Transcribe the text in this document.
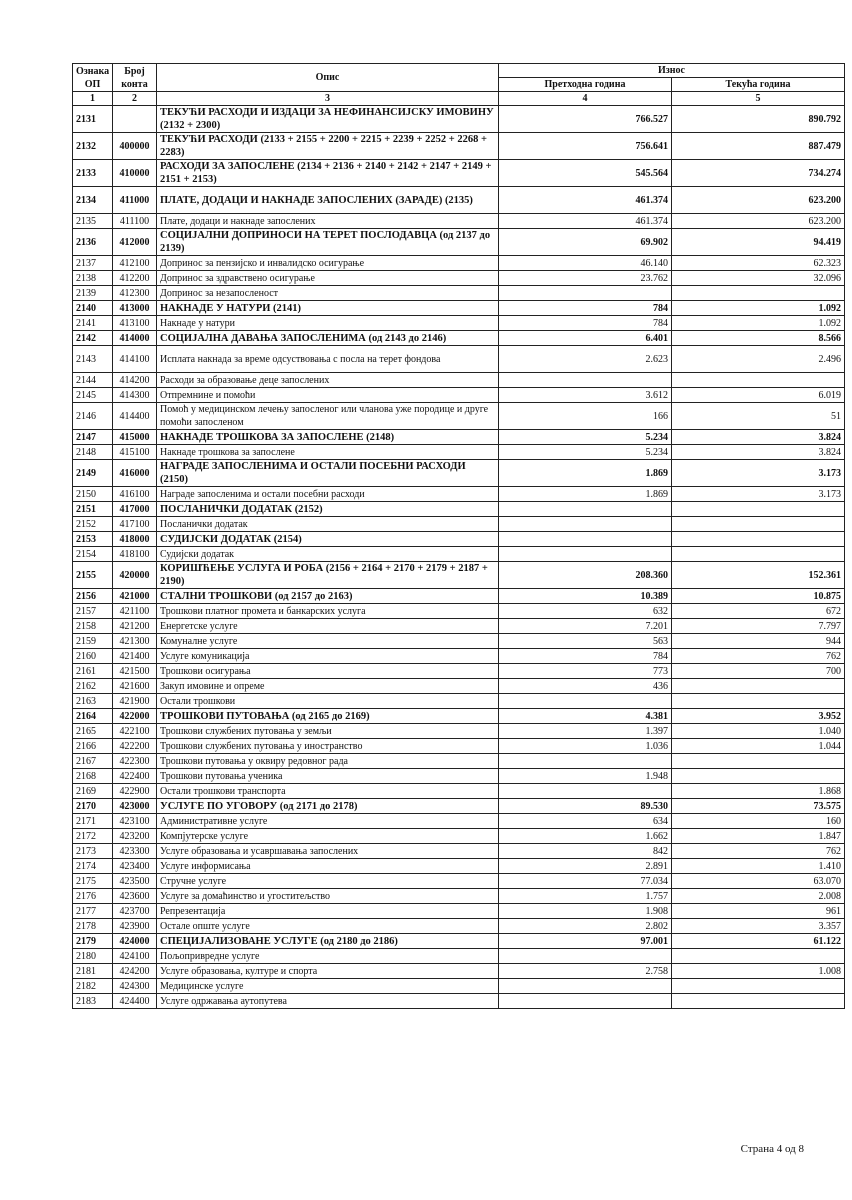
Ознака ОП	Број конта	Опис	Износ	
			Претходна година	Текућа година
1	2	3	4	5
2131		ТЕКУЋИ РАСХОДИ И ИЗДАЦИ ЗА НЕФИНАНСИЈСКУ ИМОВИНУ (2132 + 2300)	766.527	890.792
2132	400000	ТЕКУЋИ РАСХОДИ (2133 + 2155 + 2200 + 2215 + 2239 + 2252 + 2268 + 2283)	756.641	887.479
2133	410000	РАСХОДИ ЗА ЗАПОСЛЕНЕ (2134 + 2136 + 2140 + 2142 + 2147 + 2149 + 2151 + 2153)	545.564	734.274
2134	411000	ПЛАТЕ, ДОДАЦИ И НАКНАДЕ ЗАПОСЛЕНИХ (ЗАРАДЕ) (2135)	461.374	623.200
2135	411100	Плате, додаци и накнаде запослених	461.374	623.200
2136	412000	СОЦИЈАЛНИ ДОПРИНОСИ НА ТЕРЕТ ПОСЛОДАВЦА (од 2137 до 2139)	69.902	94.419
2137	412100	Допринос за пензијско и инвалидско осигурање	46.140	62.323
2138	412200	Допринос за здравствено осигурање	23.762	32.096
2139	412300	Допринос за незапосленост		
2140	413000	НАКНАДЕ У НАТУРИ (2141)	784	1.092
2141	413100	Накнаде у натури	784	1.092
2142	414000	СОЦИЈАЛНА ДАВАЊА ЗАПОСЛЕНИМА (од 2143 до 2146)	6.401	8.566
2143	414100	Исплата накнада за време одсуствовања с посла на терет фондова	2.623	2.496
2144	414200	Расходи за образовање деце запослених		
2145	414300	Отпремнине и помоћи	3.612	6.019
2146	414400	Помоћ у медицинском лечењу запосленог или чланова уже породице и друге помоћи запосленом	166	51
2147	415000	НАКНАДЕ ТРОШКОВА ЗА ЗАПОСЛЕНЕ (2148)	5.234	3.824
2148	415100	Накнаде трошкова за запослене	5.234	3.824
2149	416000	НАГРАДЕ ЗАПОСЛЕНИМА И ОСТАЛИ ПОСЕБНИ РАСХОДИ (2150)	1.869	3.173
2150	416100	Награде запосленима и остали посебни расходи	1.869	3.173
2151	417000	ПОСЛАНИЧКИ ДОДАТАК (2152)		
2152	417100	Посланички додатак		
2153	418000	СУДИЈСКИ ДОДАТАК (2154)		
2154	418100	Судијски додатак		
2155	420000	КОРИШЋЕЊЕ УСЛУГА И РОБА (2156 + 2164 + 2170 + 2179 + 2187 + 2190)	208.360	152.361
2156	421000	СТАЛНИ ТРОШКОВИ (од 2157 до 2163)	10.389	10.875
2157	421100	Трошкови платног промета и банкарских услуга	632	672
2158	421200	Енергетске услуге	7.201	7.797
2159	421300	Комуналне услуге	563	944
2160	421400	Услуге комуникација	784	762
2161	421500	Трошкови осигурања	773	700
2162	421600	Закуп имовине и опреме	436	
2163	421900	Остали трошкови		
2164	422000	ТРОШКОВИ ПУТОВАЊА (од 2165 до 2169)	4.381	3.952
2165	422100	Трошкови службених путовања у земљи	1.397	1.040
2166	422200	Трошкови службених путовања у иностранство	1.036	1.044
2167	422300	Трошкови путовања у оквиру редовног рада		
2168	422400	Трошкови путовања ученика	1.948	
2169	422900	Остали трошкови транспорта		1.868
2170	423000	УСЛУГЕ ПО УГОВОРУ (од 2171 до 2178)	89.530	73.575
2171	423100	Административне услуге	634	160
2172	423200	Компјутерске услуге	1.662	1.847
2173	423300	Услуге образовања и усавршавања запослених	842	762
2174	423400	Услуге информисања	2.891	1.410
2175	423500	Стручне услуге	77.034	63.070
2176	423600	Услуге за домаћинство и угоститељство	1.757	2.008
2177	423700	Репрезентација	1.908	961
2178	423900	Остале опште услуге	2.802	3.357
2179	424000	СПЕЦИЈАЛИЗОВАНЕ УСЛУГЕ (од 2180 до 2186)	97.001	61.122
2180	424100	Пољопривредне услуге		
2181	424200	Услуге образовања, културе и спорта	2.758	1.008
2182	424300	Медицинске услуге		
2183	424400	Услуге одржавања аутопутева		
Страна 4 од 8
